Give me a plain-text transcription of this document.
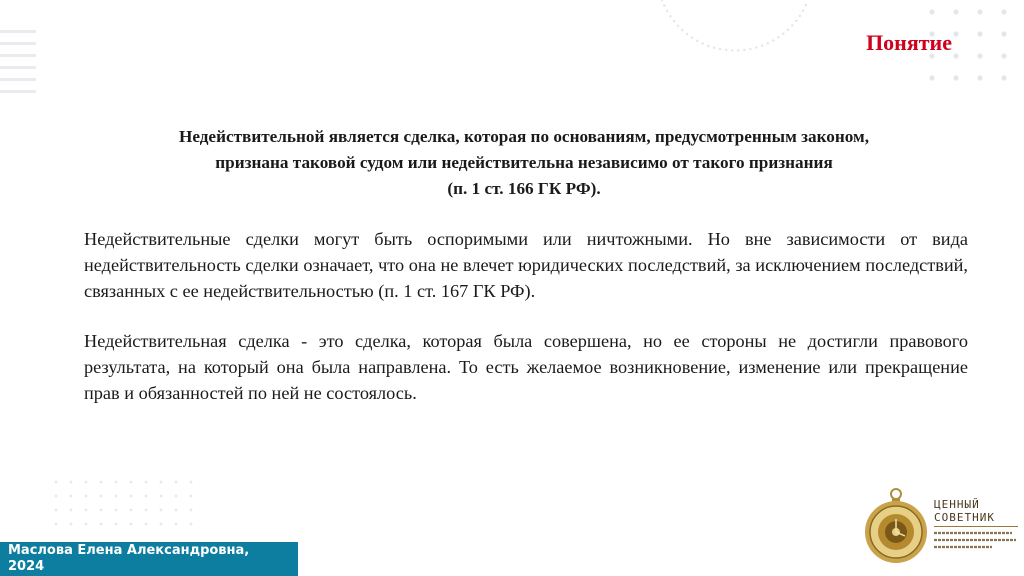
Понятие

Недействительной является сделка, которая по основаниям, предусмотренным законом,

признана таковой судом или недействительна независимо от такого признания

(п. 1 ст. 166 ГК РФ).

Недействительные сделки могут быть оспоримыми или ничтожными. Но вне зависимости от вида недействительность сделки означает, что она не влечет юридических последствий, за исключением последствий, связанных с ее недействительностью (п. 1 ст. 167 ГК РФ).

Недействительная сделка - это сделка, которая была совершена, но ее стороны не достигли правового результата, на который она была направлена. То есть желаемое возникновение, изменение или прекращение прав и обязанностей по ней не состоялось.

Маслова Елена Александровна,
2024
ЦЕННЫЙ
СОВЕТНИК
